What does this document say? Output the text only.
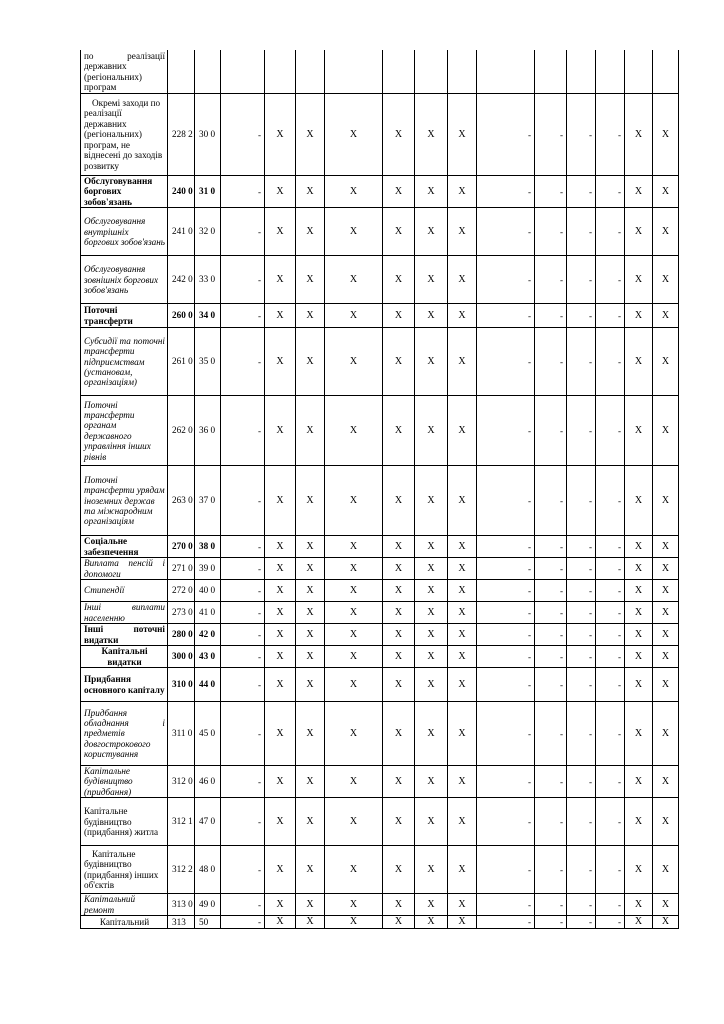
по реалізації державних (регіональних) програм															
Окремі заходи по реалізації державних (регіональних) програм, не віднесені до заходів розвитку	228 2	30 0	-	X	X	X	X	X	X	-	-	-	-	X	X
Обслуговування боргових зобов'язань	240 0	31 0	-	X	X	X	X	X	X	-	-	-	-	X	X
Обслуговування внутрішніх боргових зобов'язань	241 0	32 0	-	X	X	X	X	X	X	-	-	-	-	X	X
Обслуговування зовнішніх боргових зобов'язань	242 0	33 0	-	X	X	X	X	X	X	-	-	-	-	X	X
Поточні трансферти	260 0	34 0	-	X	X	X	X	X	X	-	-	-	-	X	X
Субсидії та поточні трансферти підприємствам (установам, організаціям)	261 0	35 0	-	X	X	X	X	X	X	-	-	-	-	X	X
Поточні трансферти органам державного управління інших рівнів	262 0	36 0	-	X	X	X	X	X	X	-	-	-	-	X	X
Поточні трансферти урядам іноземних держав та міжнародним організаціям	263 0	37 0	-	X	X	X	X	X	X	-	-	-	-	X	X
Соціальне забезпечення	270 0	38 0	-	X	X	X	X	X	X	-	-	-	-	X	X
Виплата пенсій і допомоги	271 0	39 0	-	X	X	X	X	X	X	-	-	-	-	X	X
Стипендії	272 0	40 0	-	X	X	X	X	X	X	-	-	-	-	X	X
Інші виплати населенню	273 0	41 0	-	X	X	X	X	X	X	-	-	-	-	X	X
Інші поточні видатки	280 0	42 0	-	X	X	X	X	X	X	-	-	-	-	X	X
Капітальні видатки	300 0	43 0	-	X	X	X	X	X	X	-	-	-	-	X	X
Придбання основного капіталу	310 0	44 0	-	X	X	X	X	X	X	-	-	-	-	X	X
Придбання обладнання і предметів довгострокового користування	311 0	45 0	-	X	X	X	X	X	X	-	-	-	-	X	X
Капітальне будівництво (придбання)	312 0	46 0	-	X	X	X	X	X	X	-	-	-	-	X	X
Капітальне будівництво (придбання) житла	312 1	47 0	-	X	X	X	X	X	X	-	-	-	-	X	X
Капітальне будівництво (придбання) інших об'єктів	312 2	48 0	-	X	X	X	X	X	X	-	-	-	-	X	X
Капітальний ремонт	313 0	49 0	-	X	X	X	X	X	X	-	-	-	-	X	X
Капітальний	313	50	-	X	X	X	X	X	X	-	-	-	-	X	X
